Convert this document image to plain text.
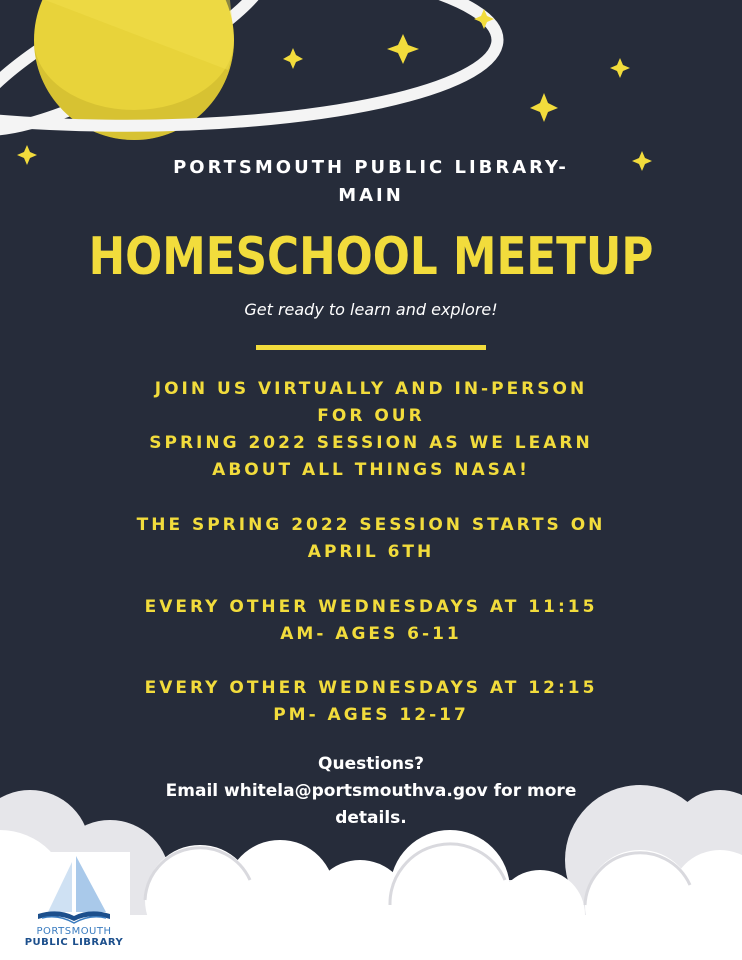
PORTSMOUTH PUBLIC LIBRARY-
MAIN
HOMESCHOOL MEETUP
Get ready to learn and explore!
JOIN US VIRTUALLY AND IN-PERSON
FOR OUR
SPRING 2022 SESSION AS WE LEARN
ABOUT ALL THINGS NASA!
THE SPRING 2022 SESSION STARTS ON
APRIL 6TH
EVERY OTHER WEDNESDAYS AT 11:15
AM- AGES 6-11
EVERY OTHER WEDNESDAYS AT 12:15
PM- AGES 12-17
Questions?
Email whitela@portsmouthva.gov for more
details.
PORTSMOUTH
PUBLIC LIBRARY
